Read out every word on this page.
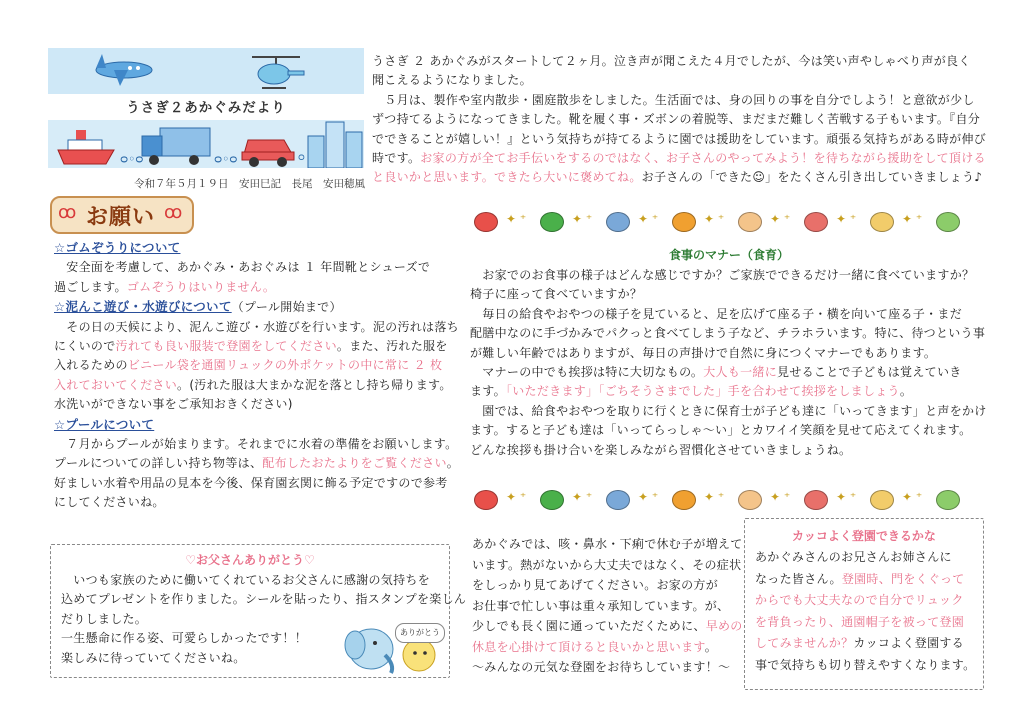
うさぎ２あかぐみだより
ᴑ◦ᴑ	ᴑ◦ᴑ	ᴑ
令和７年５月１９日　安田巳記　長尾　安田穂風
ꝏ お願い ꝏ

☆ゴムぞうりについて

　安全面を考慮して、あかぐみ・あおぐみは １ 年間靴とシューズで

過ごします。ゴムぞうりはいりません。

☆泥んこ遊び・水遊びについて（プール開始まで）

　その日の天候により、泥んこ遊び・水遊びを行います。泥の汚れは落ち

にくいので汚れても良い服装で登園をしてください。また、汚れた服を

入れるためのビニール袋を通園リュックの外ポケットの中に常に ２ 枚

入れておいてください。(汚れた服は大まかな泥を落とし持ち帰ります。

水洗いができない事をご承知おきください)

☆プールについて

　７月からプールが始まります。それまでに水着の準備をお願いします。

プールについての詳しい持ち物等は、配布したおたよりをご覧ください。

好ましい水着や用品の見本を今後、保育園玄関に飾る予定ですので参考

にしてくださいね。

♡お父さんありがとう♡

　いつも家族のために働いてくれているお父さんに感謝の気持ちを

込めてプレゼントを作りました。シールを貼ったり、指スタンプを楽しん

だりしました。

一生懸命に作る姿、可愛らしかったです！！

楽しみに待っていてくださいね。

ありがとう

うさぎ ２ あかぐみがスタートして２ヶ月。泣き声が聞こえた４月でしたが、今は笑い声やしゃべり声が良く

聞こえるようになりました。

　５月は、製作や室内散歩・園庭散歩をしました。生活面では、身の回りの事を自分でしよう！と意欲が少し

ずつ持てるようになってきました。靴を履く事・ズボンの着脱等、まだまだ難しく苦戦する子もいます。『自分

でできることが嬉しい！』という気持ちが持てるように園では援助をしています。頑張る気持ちがある時が伸び

時です。お家の方が全てお手伝いをするのではなく、お子さんのやってみよう！を待ちながら援助をして頂ける

と良いかと思います。できたら大いに褒めてね。お子さんの「できた☺」をたくさん引き出していきましょう♪

✦ ⁺	✦ ⁺	✦ ⁺	✦ ⁺	✦ ⁺	✦ ⁺	✦ ⁺
食事のマナー（食育）

　お家でのお食事の様子はどんな感じですか？ご家族でできるだけ一緒に食べていますか？

椅子に座って食べていますか？

　毎日の給食やおやつの様子を見ていると、足を広げて座る子・横を向いて座る子・まだ

配膳中なのに手づかみでパクっと食べてしまう子など、チラホラいます。特に、待つという事

が難しい年齢ではありますが、毎日の声掛けで自然に身につくマナーでもあります。

　マナーの中でも挨拶は特に大切なもの。大人も一緒に見せることで子どもは覚えていき

ます。「いただきます」「ごちそうさまでした」手を合わせて挨拶をしましょう。

　園では、給食やおやつを取りに行くときに保育士が子ども達に「いってきます」と声をかけ

ます。すると子ども達は「いってらっしゃ〜い」とカワイイ笑顔を見せて応えてくれます。

どんな挨拶も掛け合いを楽しみながら習慣化させていきましょうね。

✦ ⁺	✦ ⁺	✦ ⁺	✦ ⁺	✦ ⁺	✦ ⁺	✦ ⁺

あかぐみでは、咳・鼻水・下痢で休む子が増えて

います。熱がないから大丈夫ではなく、その症状

をしっかり見てあげてください。お家の方が

お仕事で忙しい事は重々承知しています。が、

少しでも長く園に通っていただくために、早めの

休息を心掛けて頂けると良いかと思います。

〜みんなの元気な登園をお待ちしています！〜

カッコよく登園できるかな

あかぐみさんのお兄さんお姉さんに

なった皆さん。登園時、門をくぐって

からでも大丈夫なので自分でリュック

を背負ったり、通園帽子を被って登園

してみませんか？カッコよく登園する

事で気持ちも切り替えやすくなります。
